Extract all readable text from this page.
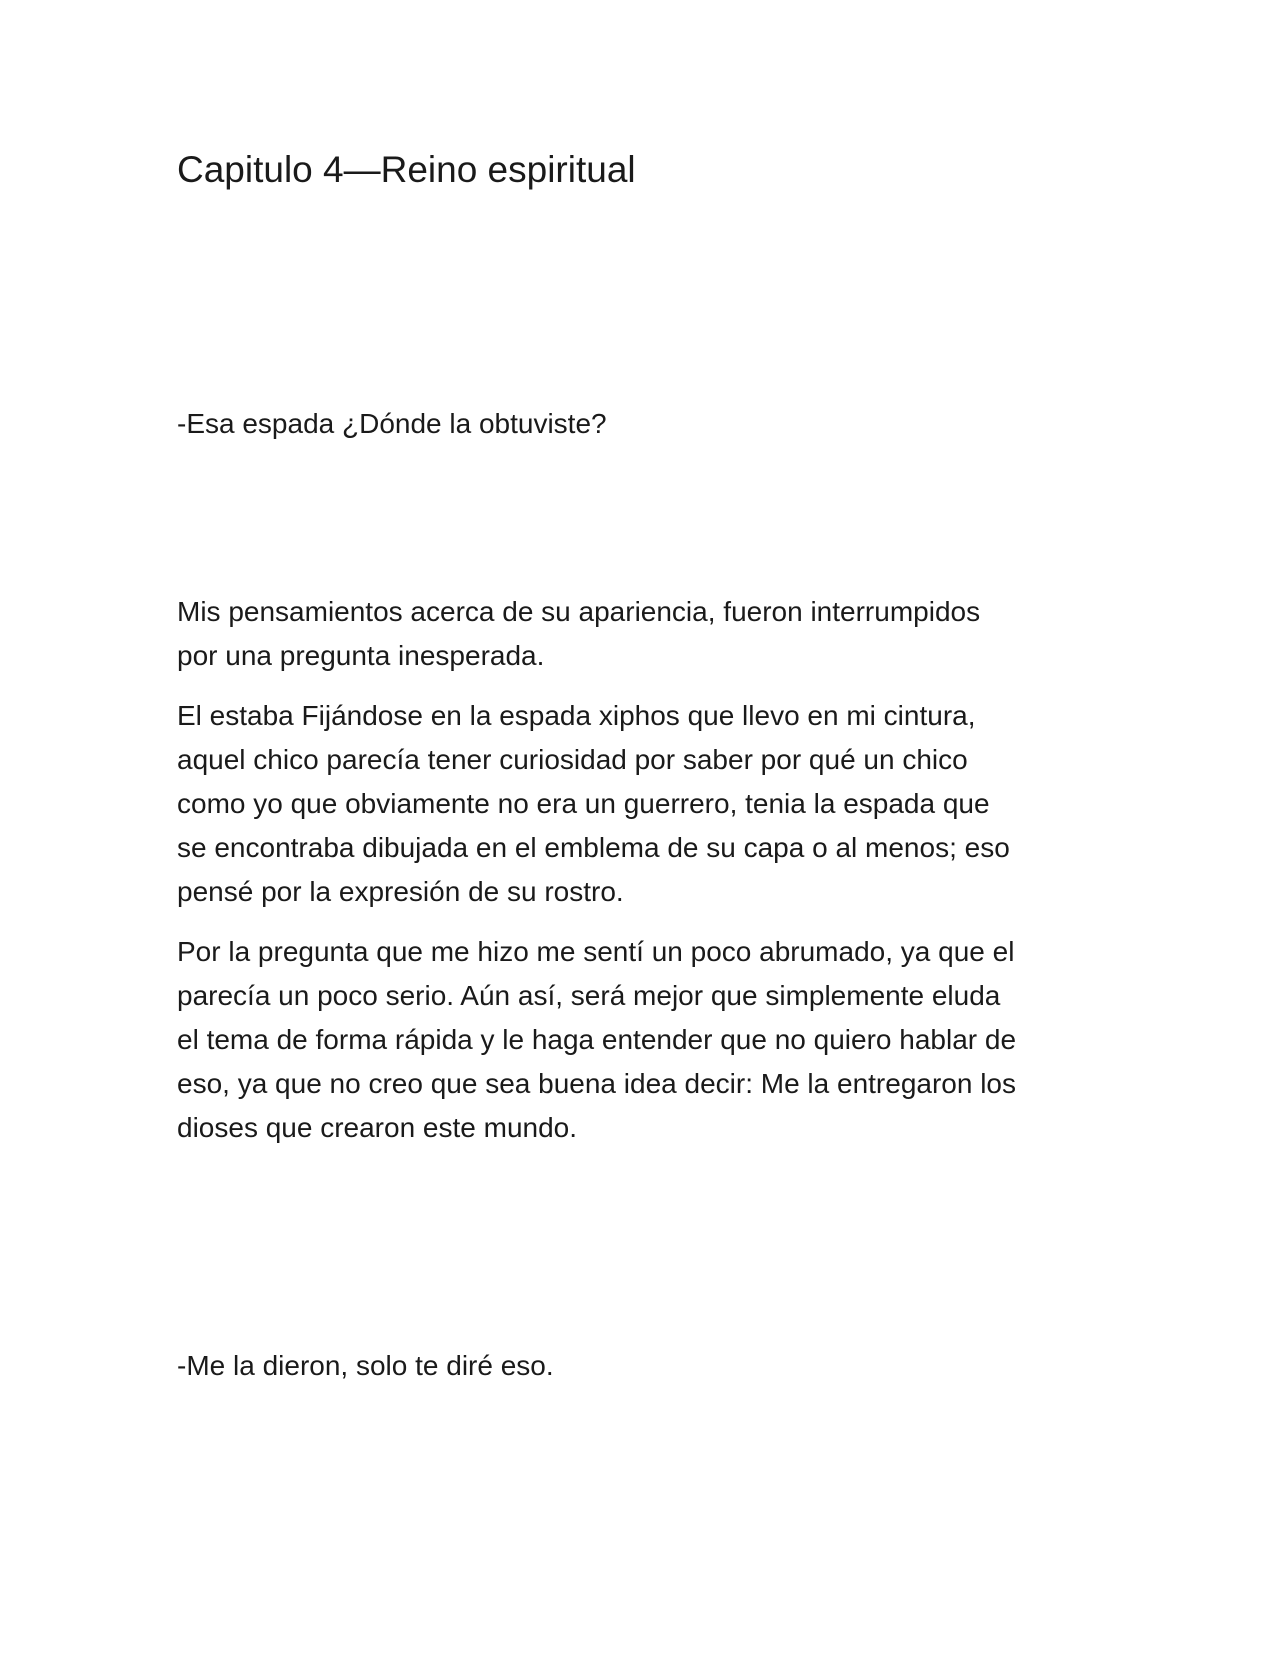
Capitulo 4—Reino espiritual

-Esa espada ¿Dónde la obtuviste?

Mis pensamientos acerca de su apariencia, fueron interrumpidos
por una pregunta inesperada.

El estaba Fijándose en la espada xiphos que llevo en mi cintura,
aquel chico parecía tener curiosidad por saber por qué un chico
como yo que obviamente no era un guerrero, tenia la espada que
se encontraba dibujada en el emblema de su capa o al menos; eso
pensé por la expresión de su rostro.

Por la pregunta que me hizo me sentí un poco abrumado, ya que el
parecía un poco serio. Aún así, será mejor que simplemente eluda
el tema de forma rápida y le haga entender que no quiero hablar de
eso, ya que no creo que sea buena idea decir: Me la entregaron los
dioses que crearon este mundo.

-Me la dieron, solo te diré eso.
